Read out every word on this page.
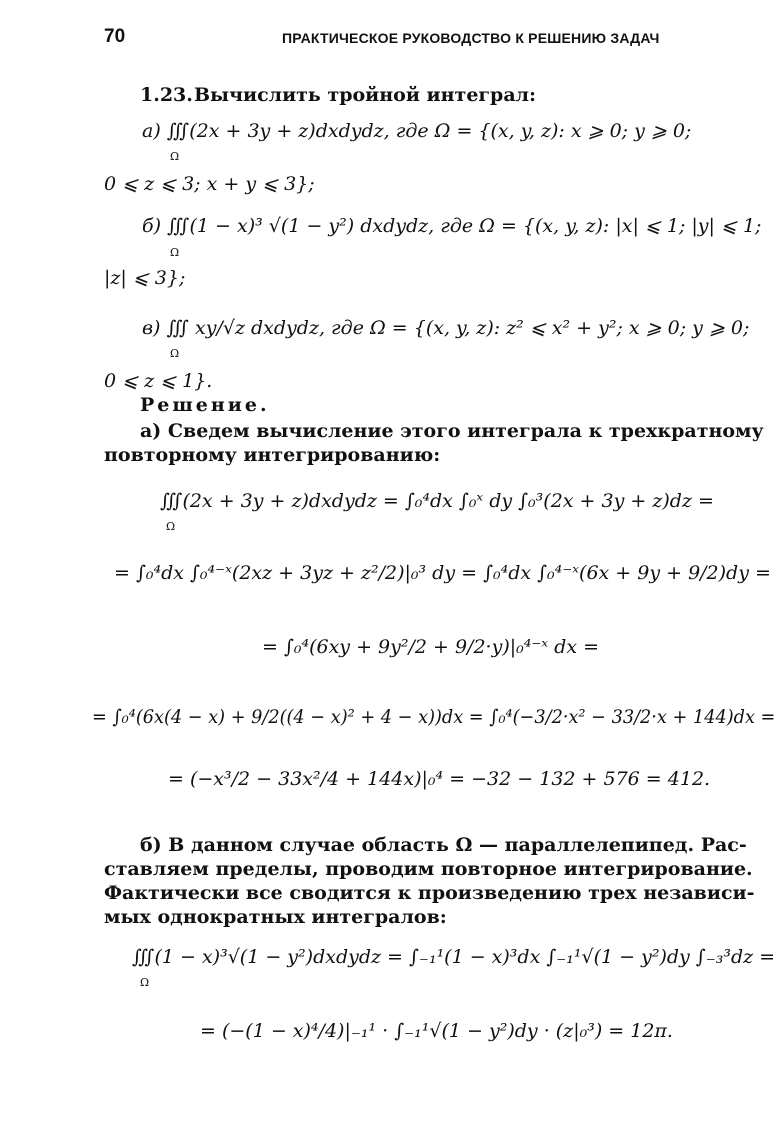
70	ПРАКТИЧЕСКОЕ РУКОВОДСТВО К РЕШЕНИЮ ЗАДАЧ
1.23. Вычислить тройной интеграл:
а) ∭(2x + 3y + z)dxdydz, где Ω = {(x, y, z): x ⩾ 0; y ⩾ 0;
Ω
0 ⩽ z ⩽ 3; x + y ⩽ 3};
б) ∭(1 − x)³ √(1 − y²) dxdydz, где Ω = {(x, y, z): |x| ⩽ 1; |y| ⩽ 1;
Ω
|z| ⩽ 3};
в) ∭ xy/√z dxdydz, где Ω = {(x, y, z): z² ⩽ x² + y²; x ⩾ 0; y ⩾ 0;
Ω
0 ⩽ z ⩽ 1}.
Решение.
а) Сведем вычисление этого интеграла к трехкратному
повторному интегрированию:
∭(2x + 3y + z)dxdydz = ∫₀⁴dx ∫₀ˣ dy ∫₀³(2x + 3y + z)dz =
Ω
= ∫₀⁴dx ∫₀⁴⁻ˣ(2xz + 3yz + z²/2)|₀³ dy = ∫₀⁴dx ∫₀⁴⁻ˣ(6x + 9y + 9/2)dy =
= ∫₀⁴(6xy + 9y²/2 + 9/2·y)|₀⁴⁻ˣ dx =
= ∫₀⁴(6x(4 − x) + 9/2((4 − x)² + 4 − x))dx = ∫₀⁴(−3/2·x² − 33/2·x + 144)dx =
= (−x³/2 − 33x²/4 + 144x)|₀⁴ = −32 − 132 + 576 = 412.
б) В данном случае область Ω — параллелепипед. Рас-
ставляем пределы, проводим повторное интегрирование.
Фактически все сводится к произведению трех независи-
мых однократных интегралов:
∭(1 − x)³√(1 − y²)dxdydz = ∫₋₁¹(1 − x)³dx ∫₋₁¹√(1 − y²)dy ∫₋₃³dz =
Ω
= (−(1 − x)⁴/4)|₋₁¹ · ∫₋₁¹√(1 − y²)dy · (z|₀³) = 12π.
